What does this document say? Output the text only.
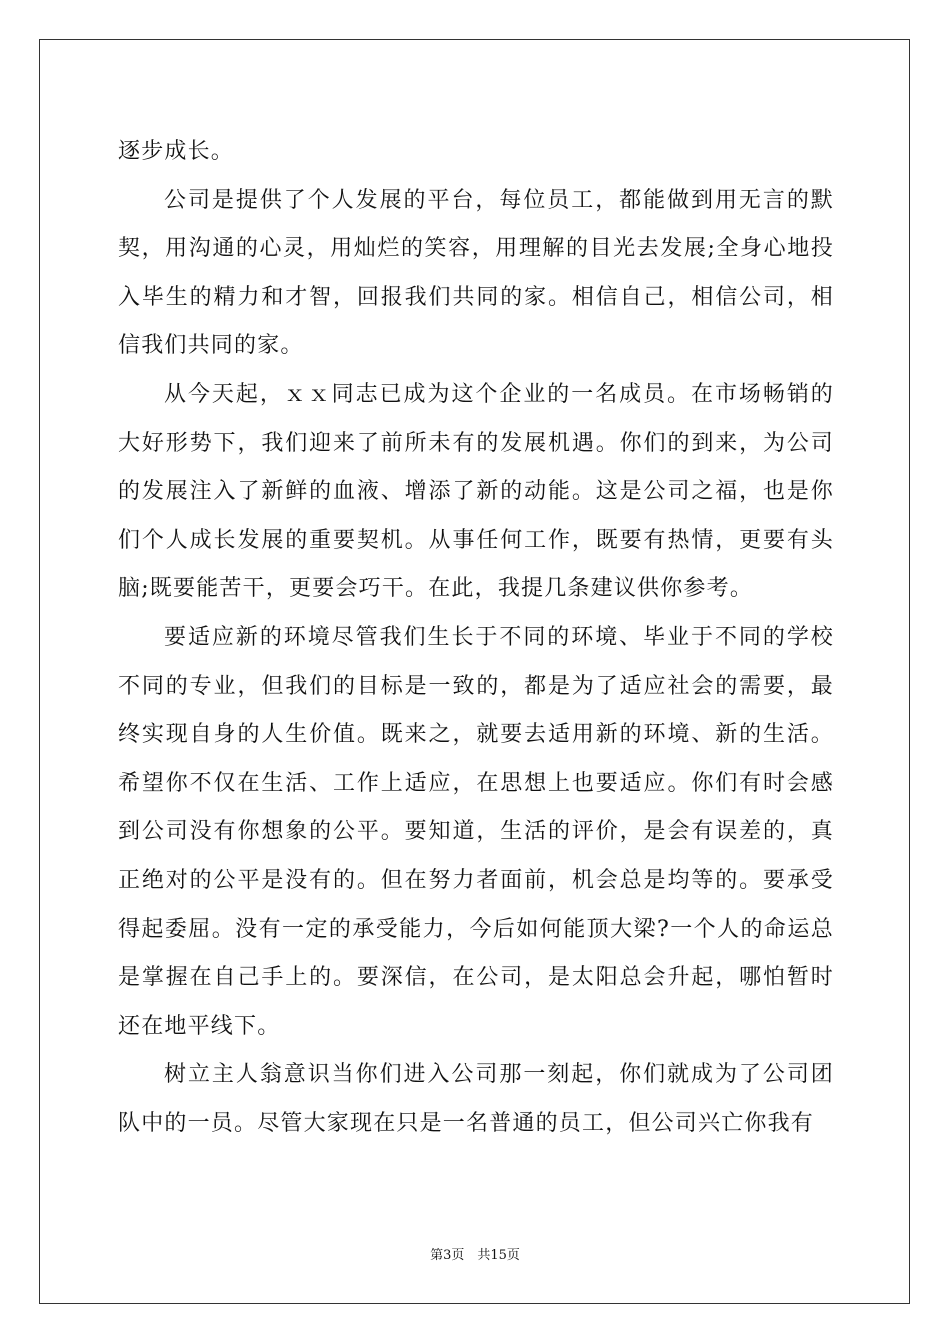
逐步成长。

公司是提供了个人发展的平台，每位员工，都能做到用无言的默契，用沟通的心灵，用灿烂的笑容，用理解的目光去发展;全身心地投入毕生的精力和才智，回报我们共同的家。相信自己，相信公司，相信我们共同的家。

从今天起，ｘｘ同志已成为这个企业的一名成员。在市场畅销的大好形势下，我们迎来了前所未有的发展机遇。你们的到来，为公司的发展注入了新鲜的血液、增添了新的动能。这是公司之福，也是你们个人成长发展的重要契机。从事任何工作，既要有热情，更要有头脑;既要能苦干，更要会巧干。在此，我提几条建议供你参考。

要适应新的环境尽管我们生长于不同的环境、毕业于不同的学校不同的专业，但我们的目标是一致的，都是为了适应社会的需要，最终实现自身的人生价值。既来之，就要去适用新的环境、新的生活。希望你不仅在生活、工作上适应，在思想上也要适应。你们有时会感到公司没有你想象的公平。要知道，生活的评价，是会有误差的，真正绝对的公平是没有的。但在努力者面前，机会总是均等的。要承受得起委屈。没有一定的承受能力，今后如何能顶大梁?一个人的命运总是掌握在自己手上的。要深信，在公司，是太阳总会升起，哪怕暂时还在地平线下。

树立主人翁意识当你们进入公司那一刻起，你们就成为了公司团队中的一员。尽管大家现在只是一名普通的员工，但公司兴亡你我有

第3页　共15页
